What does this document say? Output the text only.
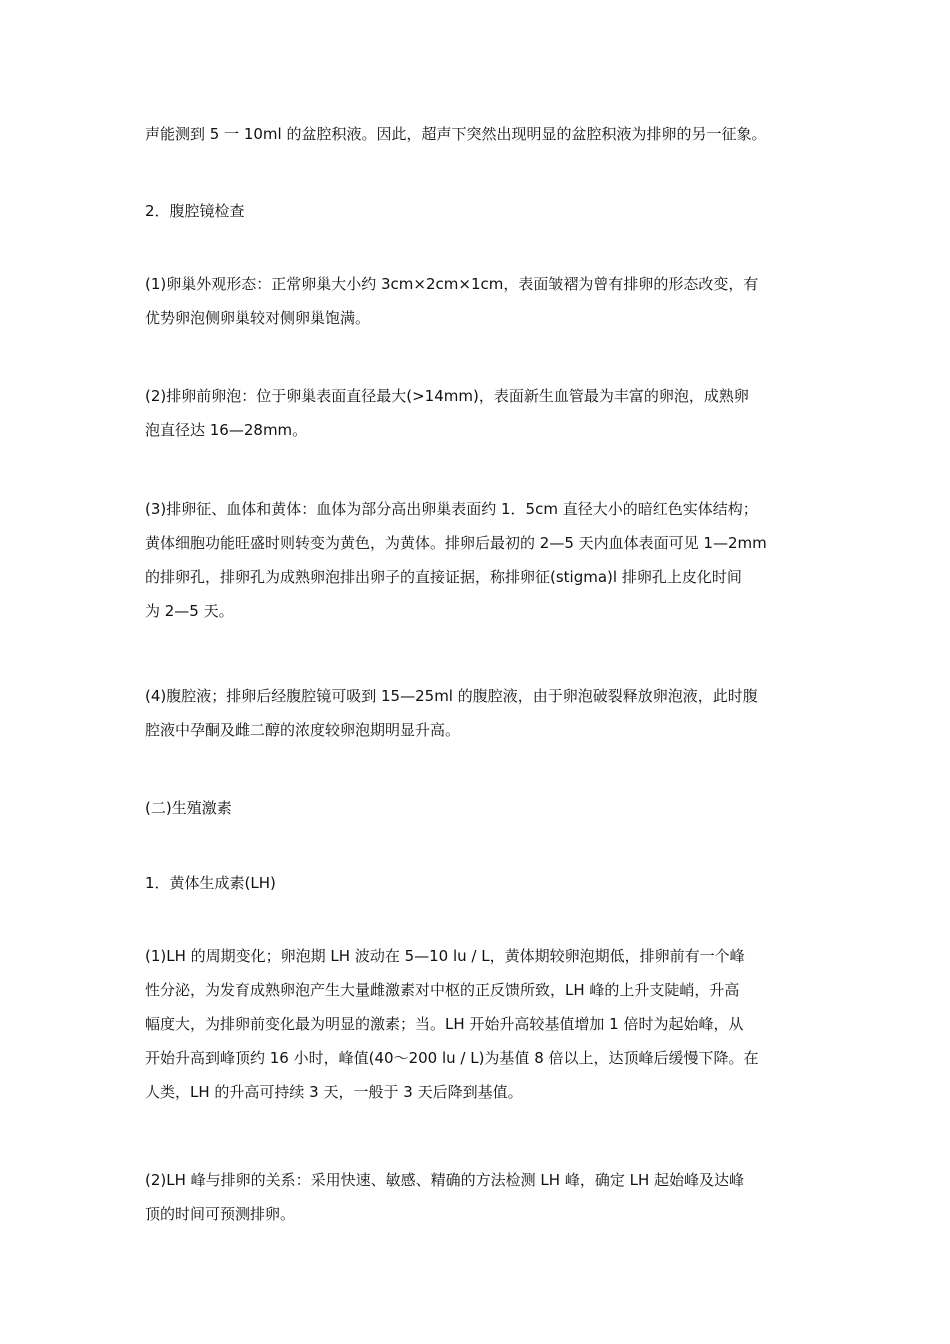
声能测到 5 一 10ml 的盆腔积液。因此，超声下突然出现明显的盆腔积液为排卵的另一征象。

2．腹腔镜检查

(1)卵巢外观形态：正常卵巢大小约 3cm×2cm×1cm，表面皱褶为曾有排卵的形态改变，有
优势卵泡侧卵巢较对侧卵巢饱满。

(2)排卵前卵泡：位于卵巢表面直径最大(>14mm)，表面新生血管最为丰富的卵泡，成熟卵
泡直径达 16—28mm。

(3)排卵征、血体和黄体：血体为部分高出卵巢表面约 1．5cm 直径大小的暗红色实体结构；
黄体细胞功能旺盛时则转变为黄色，为黄体。排卵后最初的 2—5 天内血体表面可见 1—2mm
的排卵孔，排卵孔为成熟卵泡排出卵子的直接证据，称排卵征(stigma)l 排卵孔上皮化时间
为 2—5 天。

(4)腹腔液；排卵后经腹腔镜可吸到 15—25ml 的腹腔液，由于卵泡破裂释放卵泡液，此时腹
腔液中孕酮及雌二醇的浓度较卵泡期明显升高。

(二)生殖激素

1．黄体生成素(LH)

(1)LH 的周期变化；卵泡期 LH 波动在 5—10 lu / L，黄体期较卵泡期低，排卵前有一个峰
性分泌，为发育成熟卵泡产生大量雌激素对中枢的正反馈所致，LH 峰的上升支陡峭，升高
幅度大，为排卵前变化最为明显的激素；当。LH 开始升高较基值增加 1 倍时为起始峰，从
开始升高到峰顶约 16 小时，峰值(40～200 lu / L)为基值 8 倍以上，达顶峰后缓慢下降。在
人类，LH 的升高可持续 3 天，一般于 3 天后降到基值。

(2)LH 峰与排卵的关系：采用快速、敏感、精确的方法检测 LH 峰，确定 LH 起始峰及达峰
顶的时间可预测排卵。
